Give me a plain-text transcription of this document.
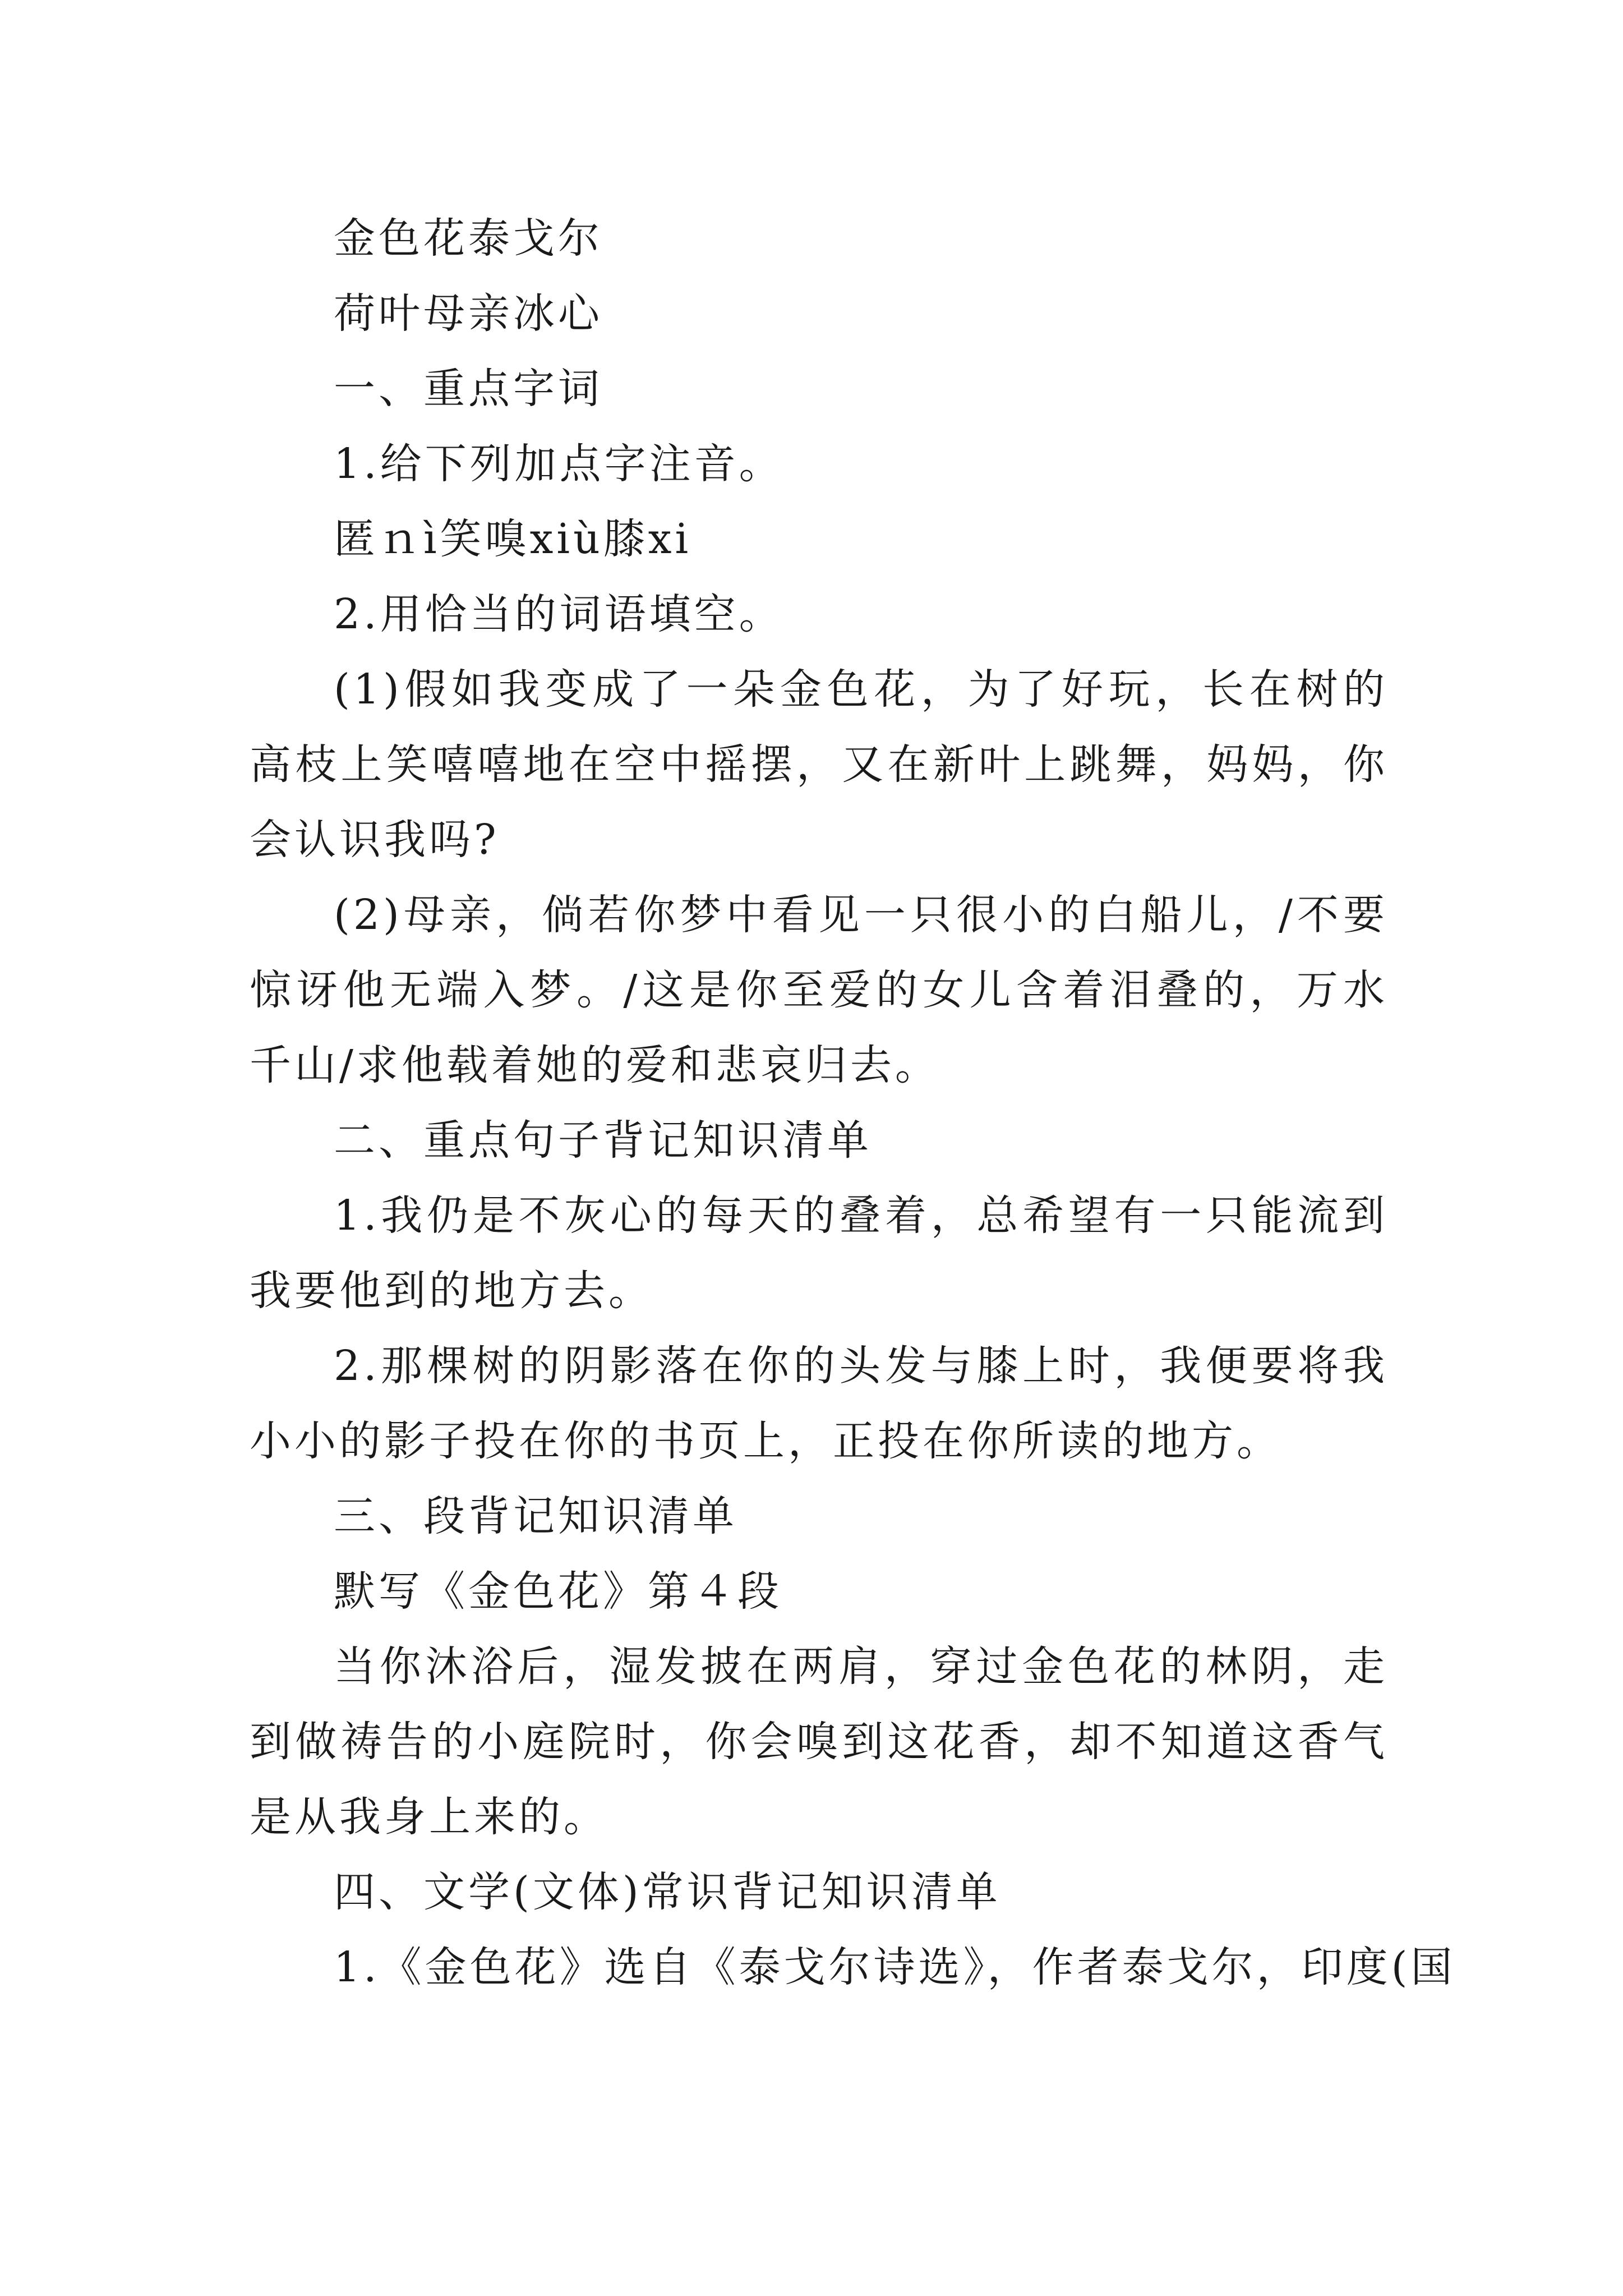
金色花泰戈尔

荷叶母亲冰心

一、重点字词

1.给下列加点字注音。

匿ｎì笑嗅xiù膝xi

2.用恰当的词语填空。

(1)假如我变成了一朵金色花，为了好玩，长在树的高枝上笑嘻嘻地在空中摇摆，又在新叶上跳舞，妈妈，你会认识我吗?

(2)母亲，倘若你梦中看见一只很小的白船儿，/不要惊讶他无端入梦。/这是你至爱的女儿含着泪叠的，万水千山/求他载着她的爱和悲哀归去。

二、重点句子背记知识清单

1.我仍是不灰心的每天的叠着，总希望有一只能流到我要他到的地方去。

2.那棵树的阴影落在你的头发与膝上时，我便要将我小小的影子投在你的书页上，正投在你所读的地方。

三、段背记知识清单

默写《金色花》第４段

当你沐浴后，湿发披在两肩，穿过金色花的林阴，走到做祷告的小庭院时，你会嗅到这花香，却不知道这香气是从我身上来的。

四、文学(文体)常识背记知识清单

1.《金色花》选自《泰戈尔诗选》，作者泰戈尔，印度(国
